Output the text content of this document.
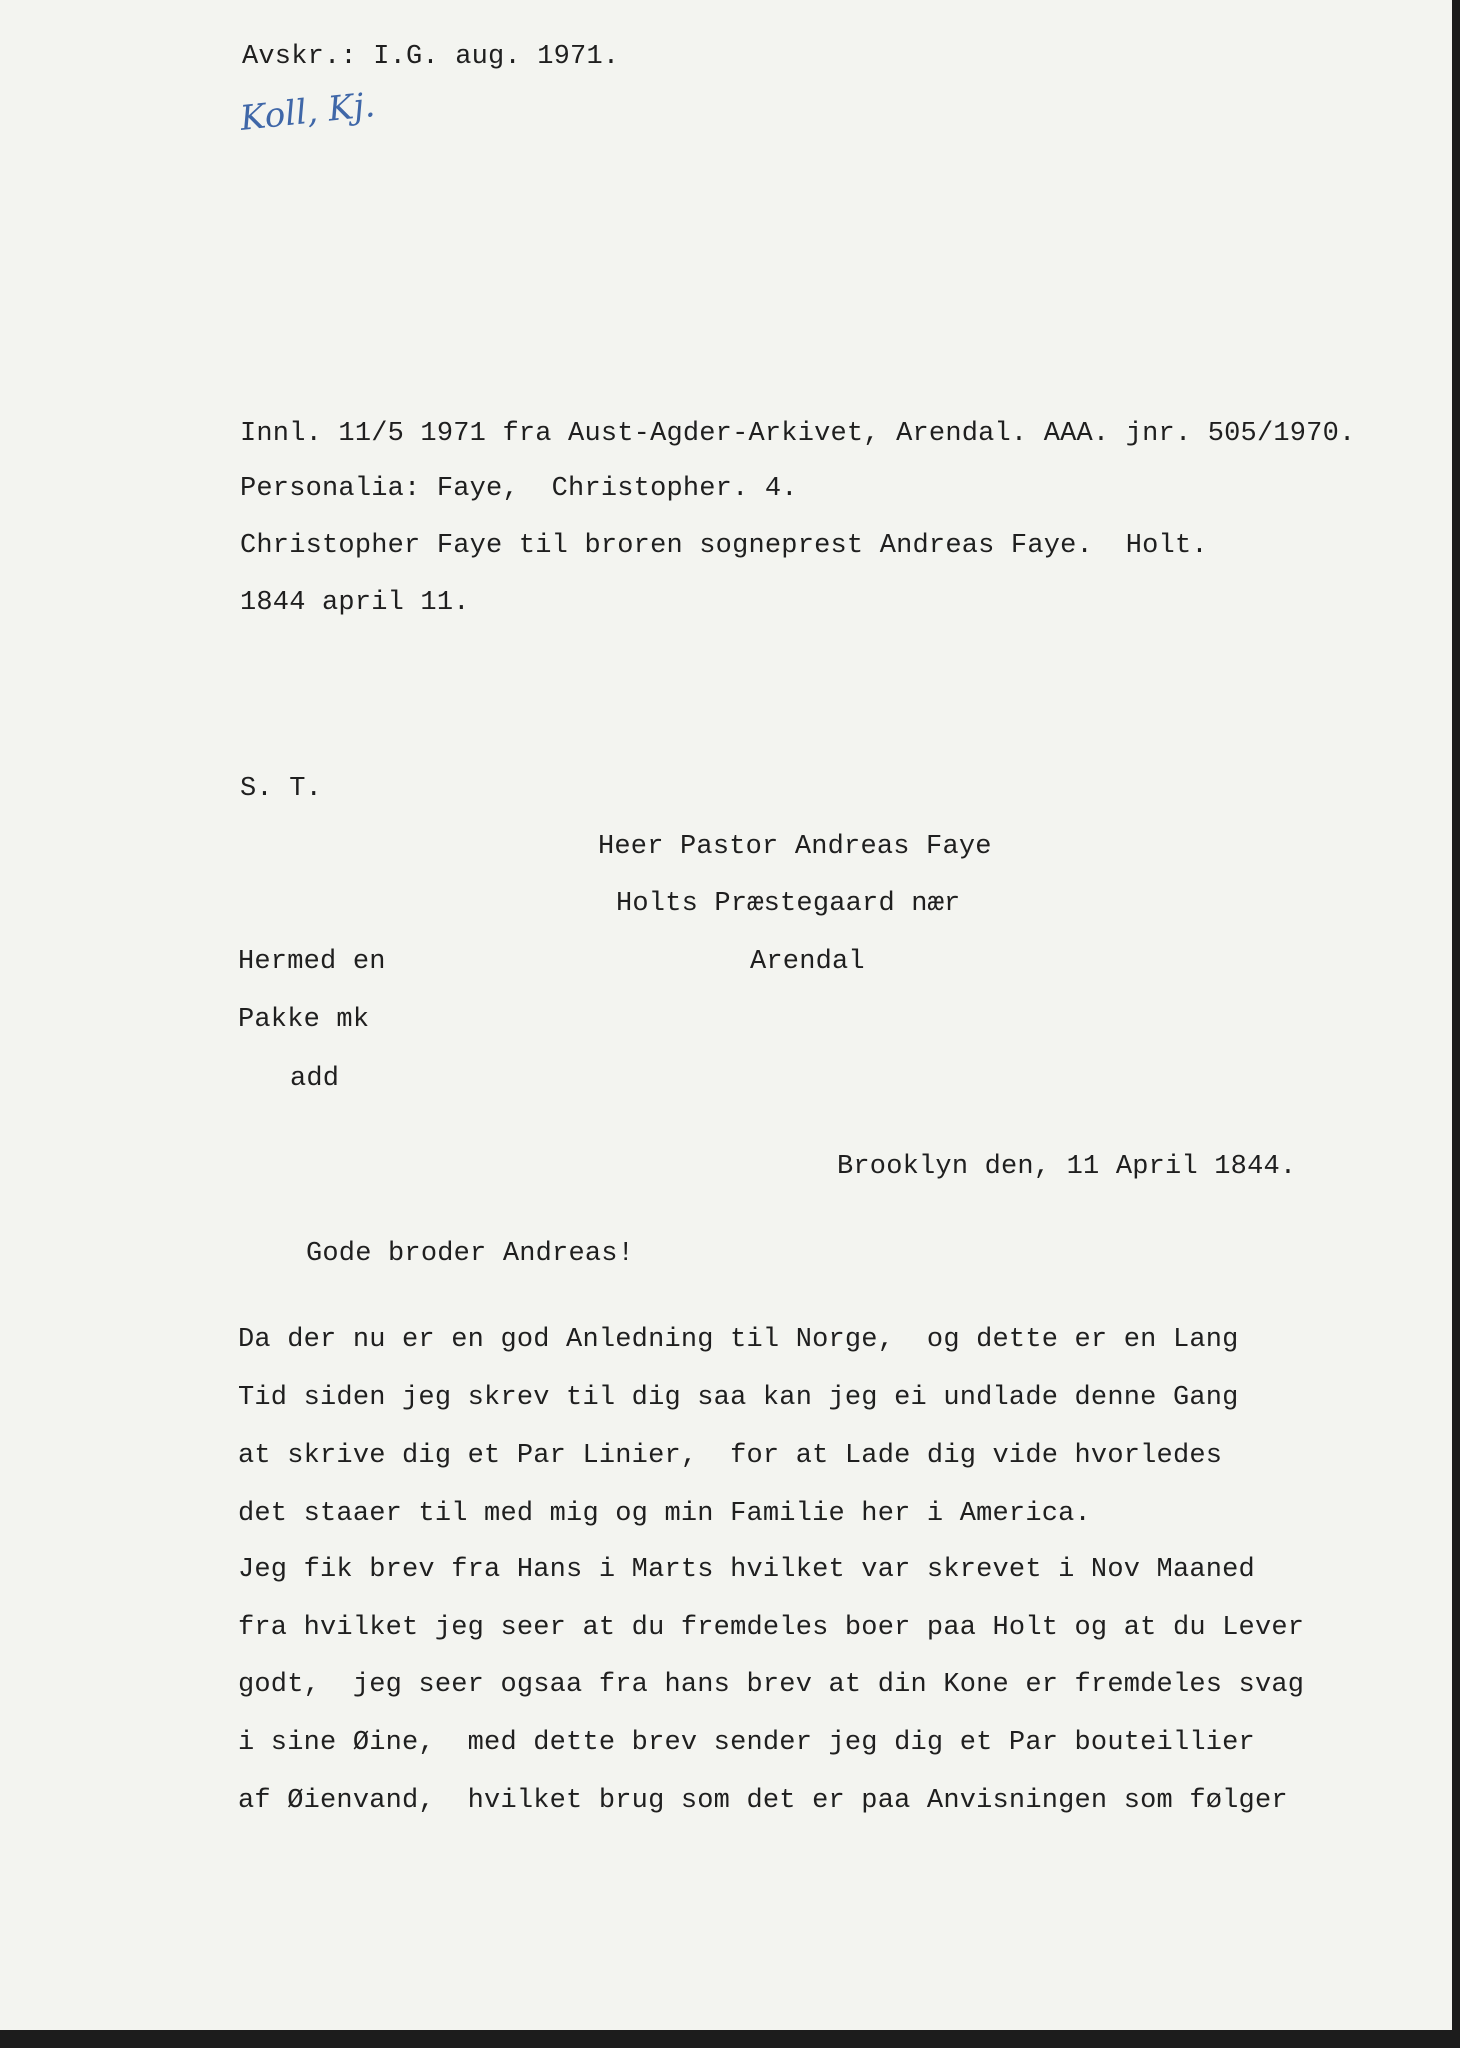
Avskr.: I.G. aug. 1971.
Koll, Kj.
Innl. 11/5 1971 fra Aust-Agder-Arkivet, Arendal. AAA. jnr. 505/1970.
Personalia: Faye,  Christopher. 4.
Christopher Faye til broren sogneprest Andreas Faye.  Holt.
1844 april 11.
S. T.
Heer Pastor Andreas Faye
Holts Præstegaard nær
Arendal
Hermed en
Pakke mk
add
Brooklyn den, 11 April 1844.
Gode broder Andreas!
Da der nu er en god Anledning til Norge,  og dette er en Lang
Tid siden jeg skrev til dig saa kan jeg ei undlade denne Gang
at skrive dig et Par Linier,  for at Lade dig vide hvorledes
det staaer til med mig og min Familie her i America.
Jeg fik brev fra Hans i Marts hvilket var skrevet i Nov Maaned
fra hvilket jeg seer at du fremdeles boer paa Holt og at du Lever
godt,  jeg seer ogsaa fra hans brev at din Kone er fremdeles svag
i sine Øine,  med dette brev sender jeg dig et Par bouteillier
af Øienvand,  hvilket brug som det er paa Anvisningen som følger
